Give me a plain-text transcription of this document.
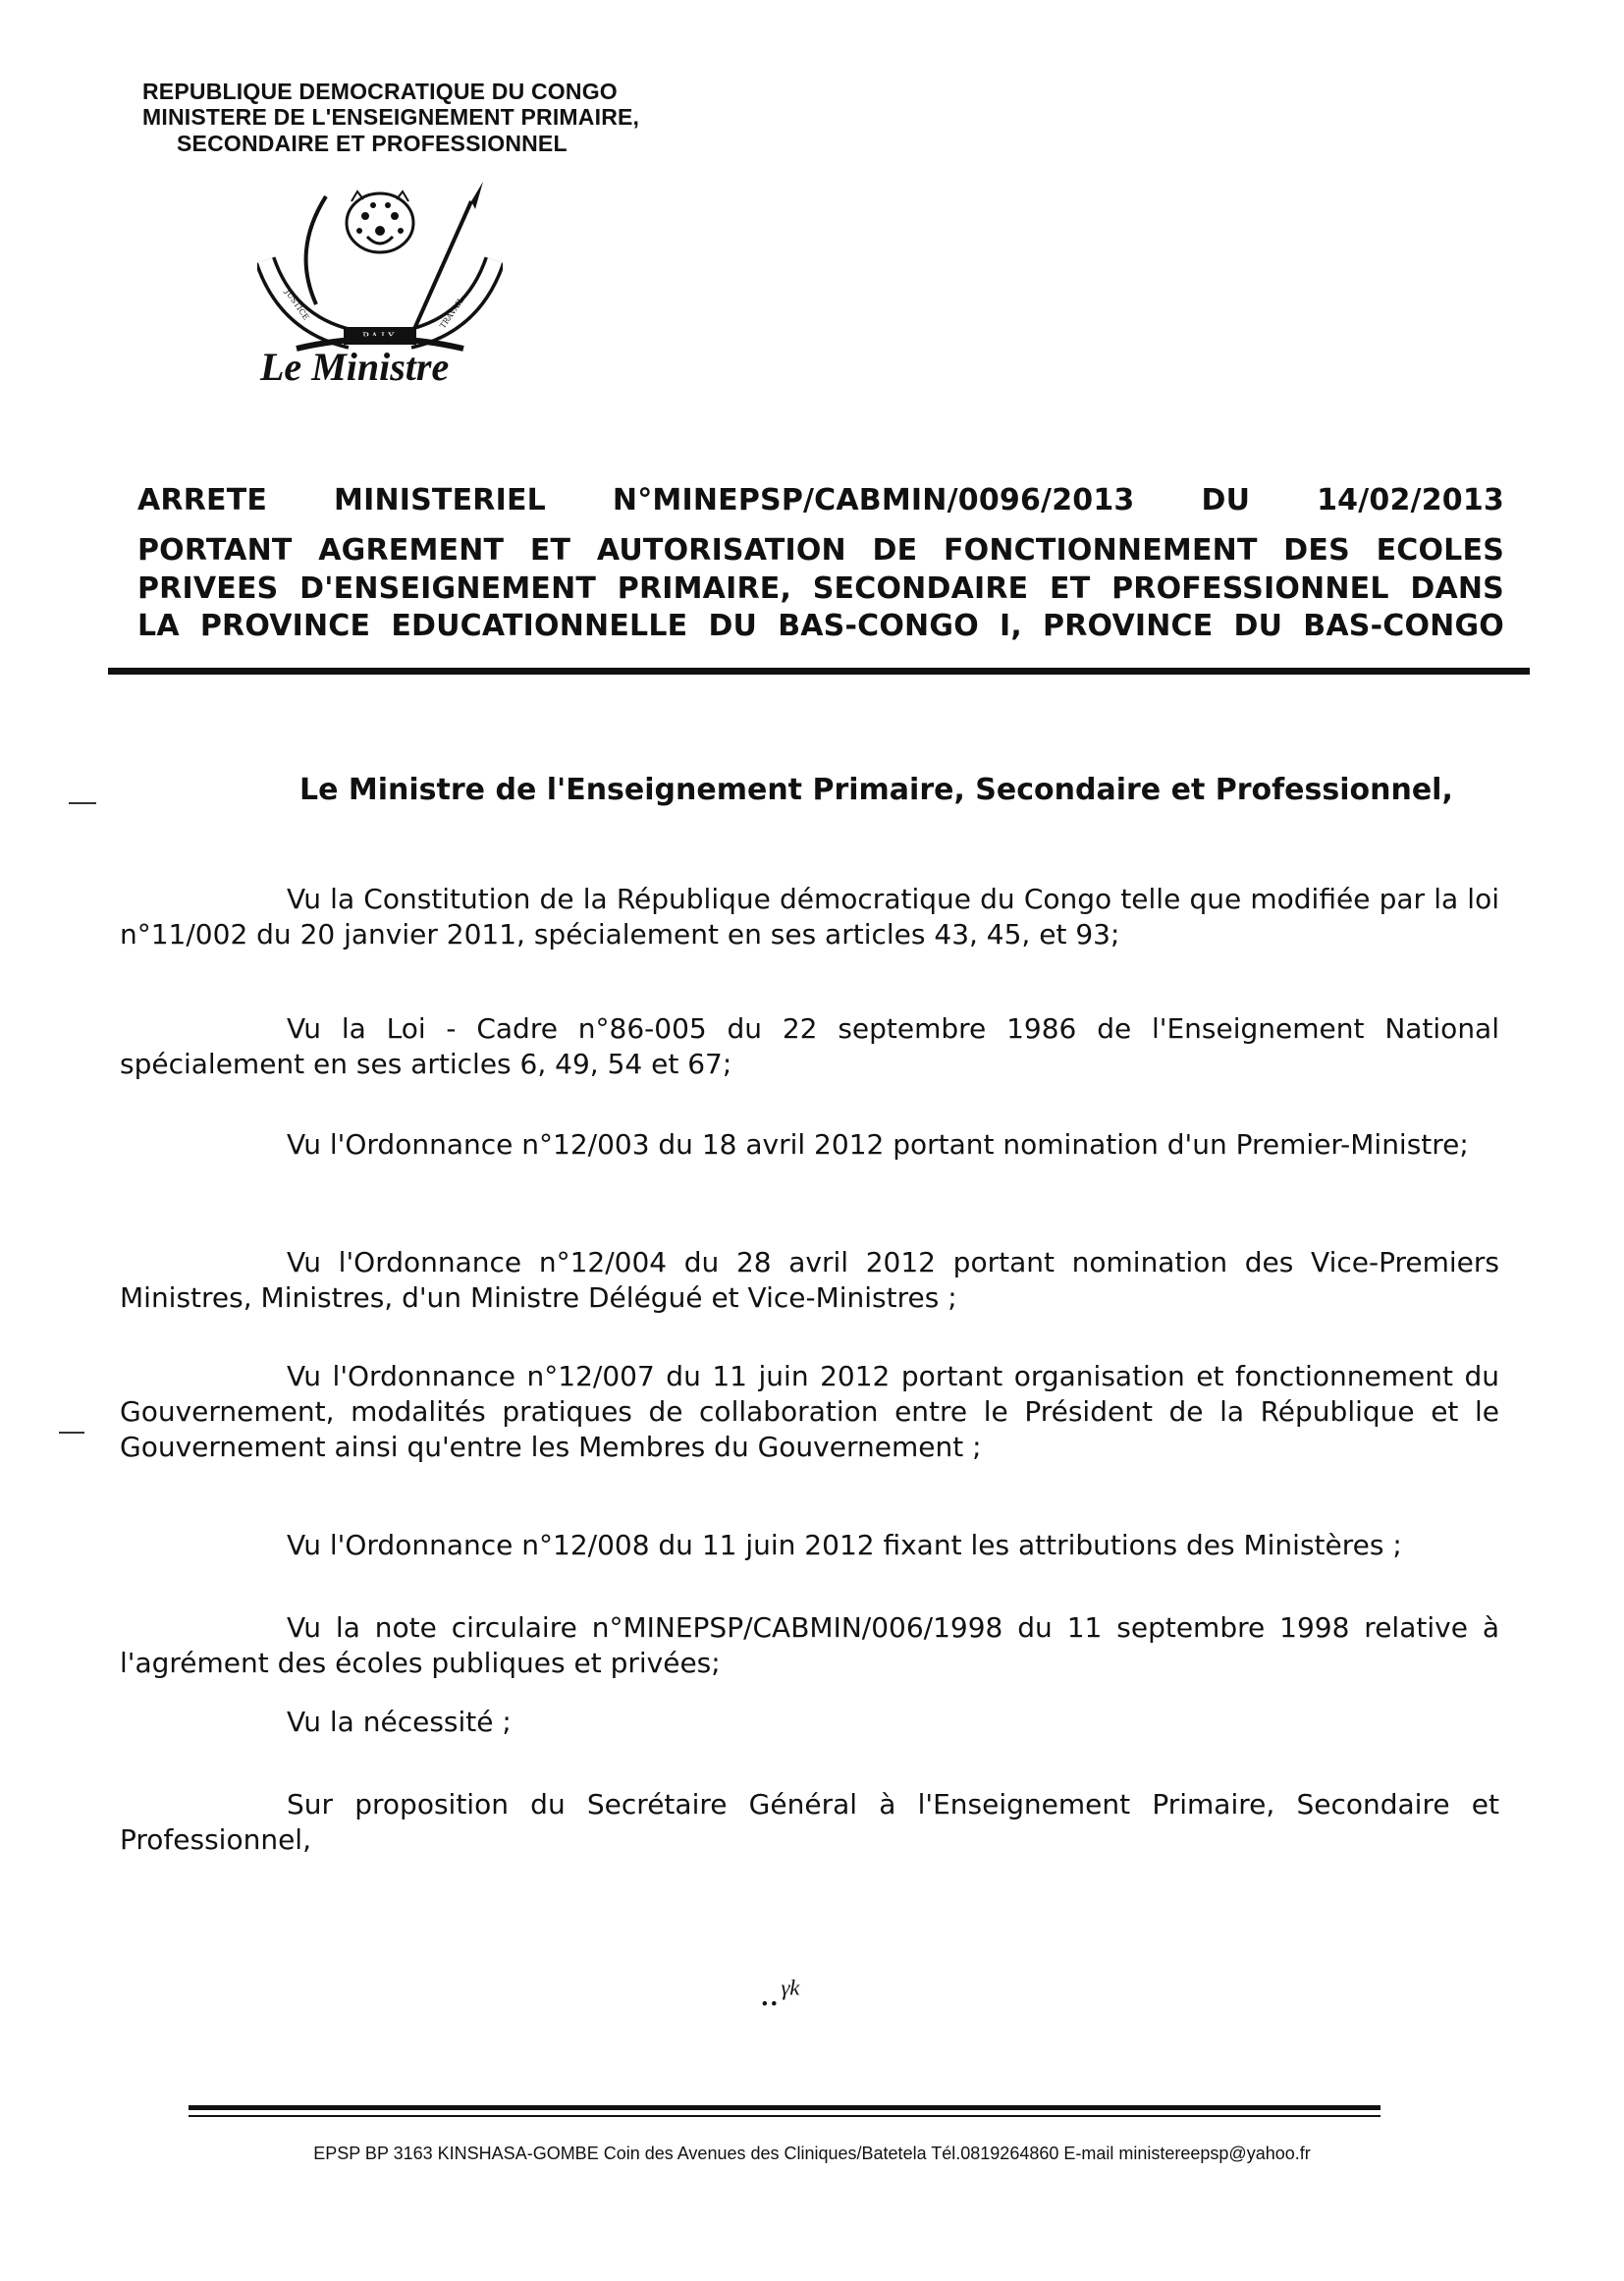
REPUBLIQUE DEMOCRATIQUE DU CONGO
MINISTERE DE L'ENSEIGNEMENT PRIMAIRE,
SECONDAIRE ET PROFESSIONNEL
PAIX
JUSTICE	TRAVAIL
Le Ministre
ARRETE MINISTERIEL N°MINEPSP/CABMIN/0096/2013 DU 14/02/2013
PORTANT AGREMENT ET AUTORISATION DE FONCTIONNEMENT DES ECOLES
PRIVEES D'ENSEIGNEMENT PRIMAIRE, SECONDAIRE ET PROFESSIONNEL DANS
LA PROVINCE EDUCATIONNELLE DU BAS-CONGO I, PROVINCE DU BAS-CONGO
Le Ministre de l'Enseignement Primaire, Secondaire et Professionnel,
Vu la Constitution de la République démocratique du Congo telle que modifiée par la loi n°11/002 du 20 janvier 2011, spécialement en ses articles 43, 45, et 93;
Vu la Loi - Cadre n°86-005 du 22 septembre 1986 de l'Enseignement National spécialement en ses articles 6, 49, 54 et 67;
Vu l'Ordonnance n°12/003 du 18 avril 2012 portant nomination d'un Premier-Ministre;
Vu l'Ordonnance n°12/004 du 28 avril 2012 portant nomination des Vice-Premiers Ministres, Ministres, d'un Ministre Délégué et Vice-Ministres ;
Vu l'Ordonnance n°12/007 du 11 juin 2012 portant organisation et fonctionnement du Gouvernement, modalités pratiques de collaboration entre le Président de la République et le Gouvernement ainsi qu'entre les Membres du Gouvernement ;
Vu l'Ordonnance n°12/008 du 11 juin 2012 fixant les attributions des Ministères ;
Vu la note circulaire n°MINEPSP/CABMIN/006/1998 du 11 septembre 1998 relative à l'agrément des écoles publiques et privées;
Vu la nécessité ;
Sur proposition du Secrétaire Général à l'Enseignement Primaire, Secondaire et Professionnel,
..ᵞᵏ
EPSP BP 3163 KINSHASA-GOMBE Coin des Avenues des Cliniques/Batetela Tél.0819264860 E-mail ministereepsp@yahoo.fr
